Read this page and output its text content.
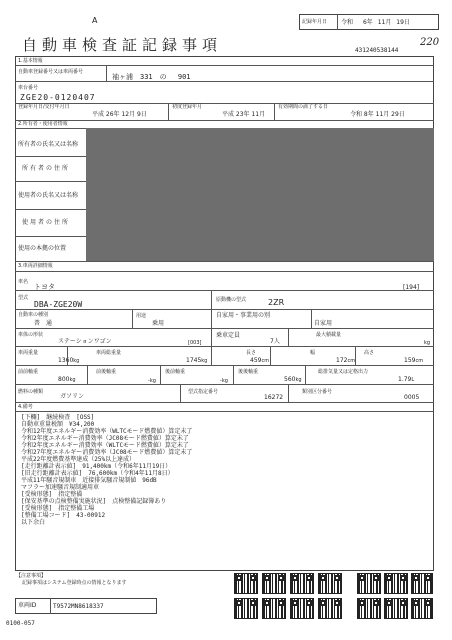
A	記録年月日 令和 6年 11月 19日
自動車検査証記録事項	431240538144
220
1.基本情報
自動車登録番号又は車両番号
袖ヶ浦　331　の　 901
車台番号
ZGE20-0120407
登録年月日/交付年月日
平成 26年 12月 9日
初度登録年月
平成 23年 11月
有効期間の満了する日
令和 8年 11月 29日
2.所有者・使用者情報
所有者の氏名又は名称
所有者の住所
使用者の氏名又は名称
使用者の住所
使用の本拠の位置
3.車両詳細情報
車名
トヨタ	[194]
型式
DBA-ZGE20W	原動機の型式	2ZR
自動車の種別
普　通
用途
乗用
自家用・事業用の別
自家用
車体の形状
ステーションワゴン	[003]
乗車定員
7人
最大積載量
kg
車両重量
1360kg
車両総重量
1745kg
長さ
459cm
幅
172cm
高さ
159cm
前前軸重
800kg
前後軸重
-kg
後前軸重
-kg
後後軸重
560kg
総排気量又は定格出力
1.79L
燃料の種類
ガソリン
型式指定番号
16272
類別区分番号
0005
4.備考
[下欄]　継続検査　[OSS]
自動車重量税額　¥34,200
令和12年度エネルギー消費効率（WLTCモード燃費値）算定未了
令和2年度エネルギー消費効率（JC08モード燃費値）算定未了
令和2年度エネルギー消費効率（WLTCモード燃費値）算定未了
令和27年度エネルギー消費効率（JC08モード燃費値）算定未了
平成22年度燃費基準達成（25%以上達成）
[走行距離計表示値]　91,400km（令和6年11月19日）
[旧走行距離計表示値]　76,600km（令和4年11月8日）
平成11年騒音規制車　近接排気騒音規制値　96dB
マフラー加速騒音規制適用車
[受検形態]　指定整備
[保安基準の点検整備実施状況]　点検整備記録簿あり
[受検形態]　指定整備工場
[整備工場コード]　43-00912
以下余白
【注意事項】
記録事項はシステム登録時点の情報となります
車両ID	T9572MN8618337
0100-057
